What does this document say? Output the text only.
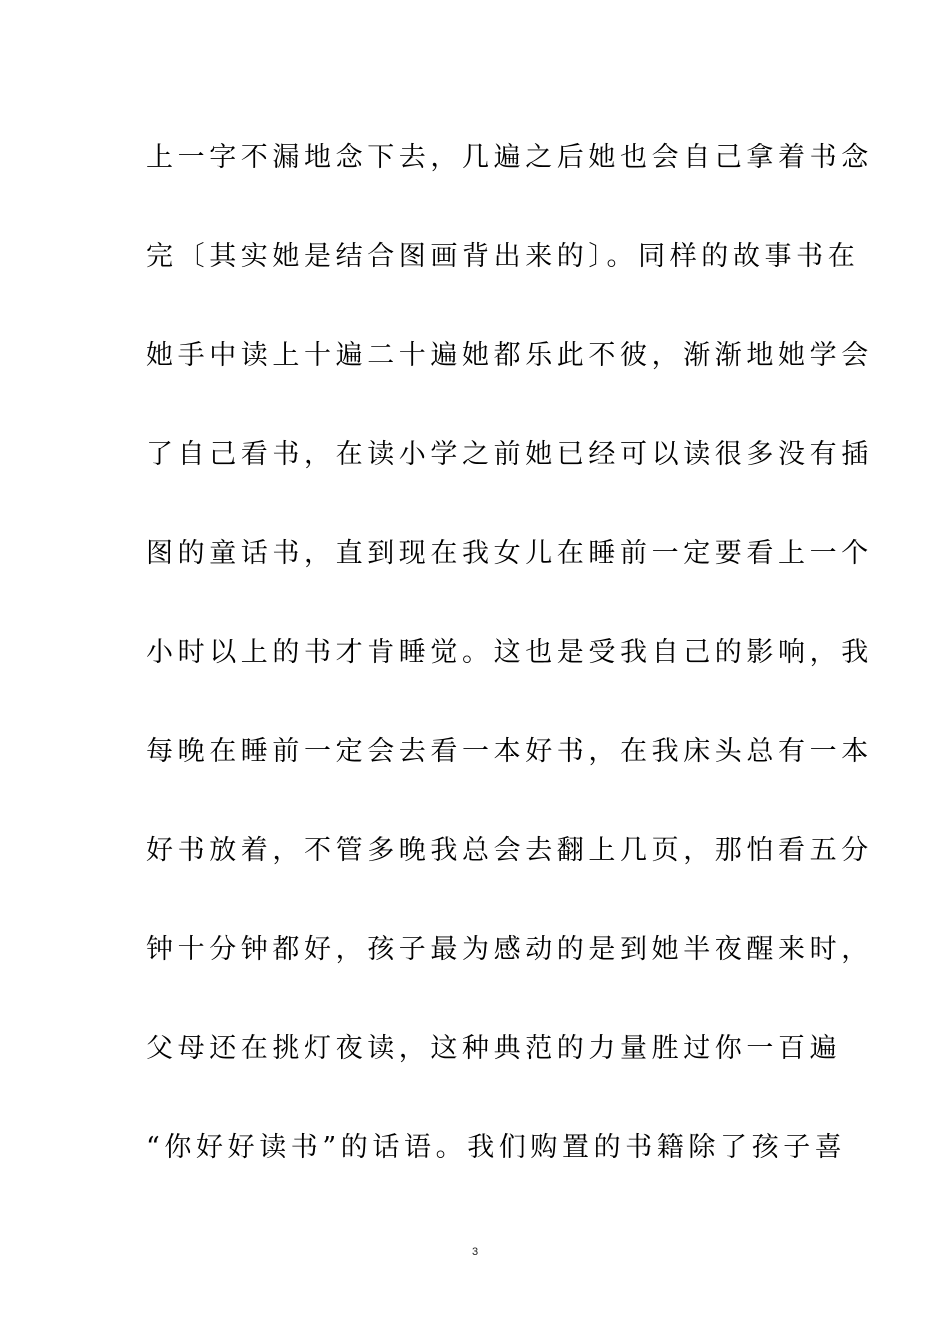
上一字不漏地念下去，几遍之后她也会自己拿着书念
完〔其实她是结合图画背出来的〕。同样的故事书在
她手中读上十遍二十遍她都乐此不彼，渐渐地她学会
了自己看书，在读小学之前她已经可以读很多没有插
图的童话书，直到现在我女儿在睡前一定要看上一个
小时以上的书才肯睡觉。这也是受我自己的影响，我
每晚在睡前一定会去看一本好书，在我床头总有一本
好书放着，不管多晚我总会去翻上几页，那怕看五分
钟十分钟都好，孩子最为感动的是到她半夜醒来时，
父母还在挑灯夜读，这种典范的力量胜过你一百遍
“你好好读书”的话语。我们购置的书籍除了孩子喜
3
